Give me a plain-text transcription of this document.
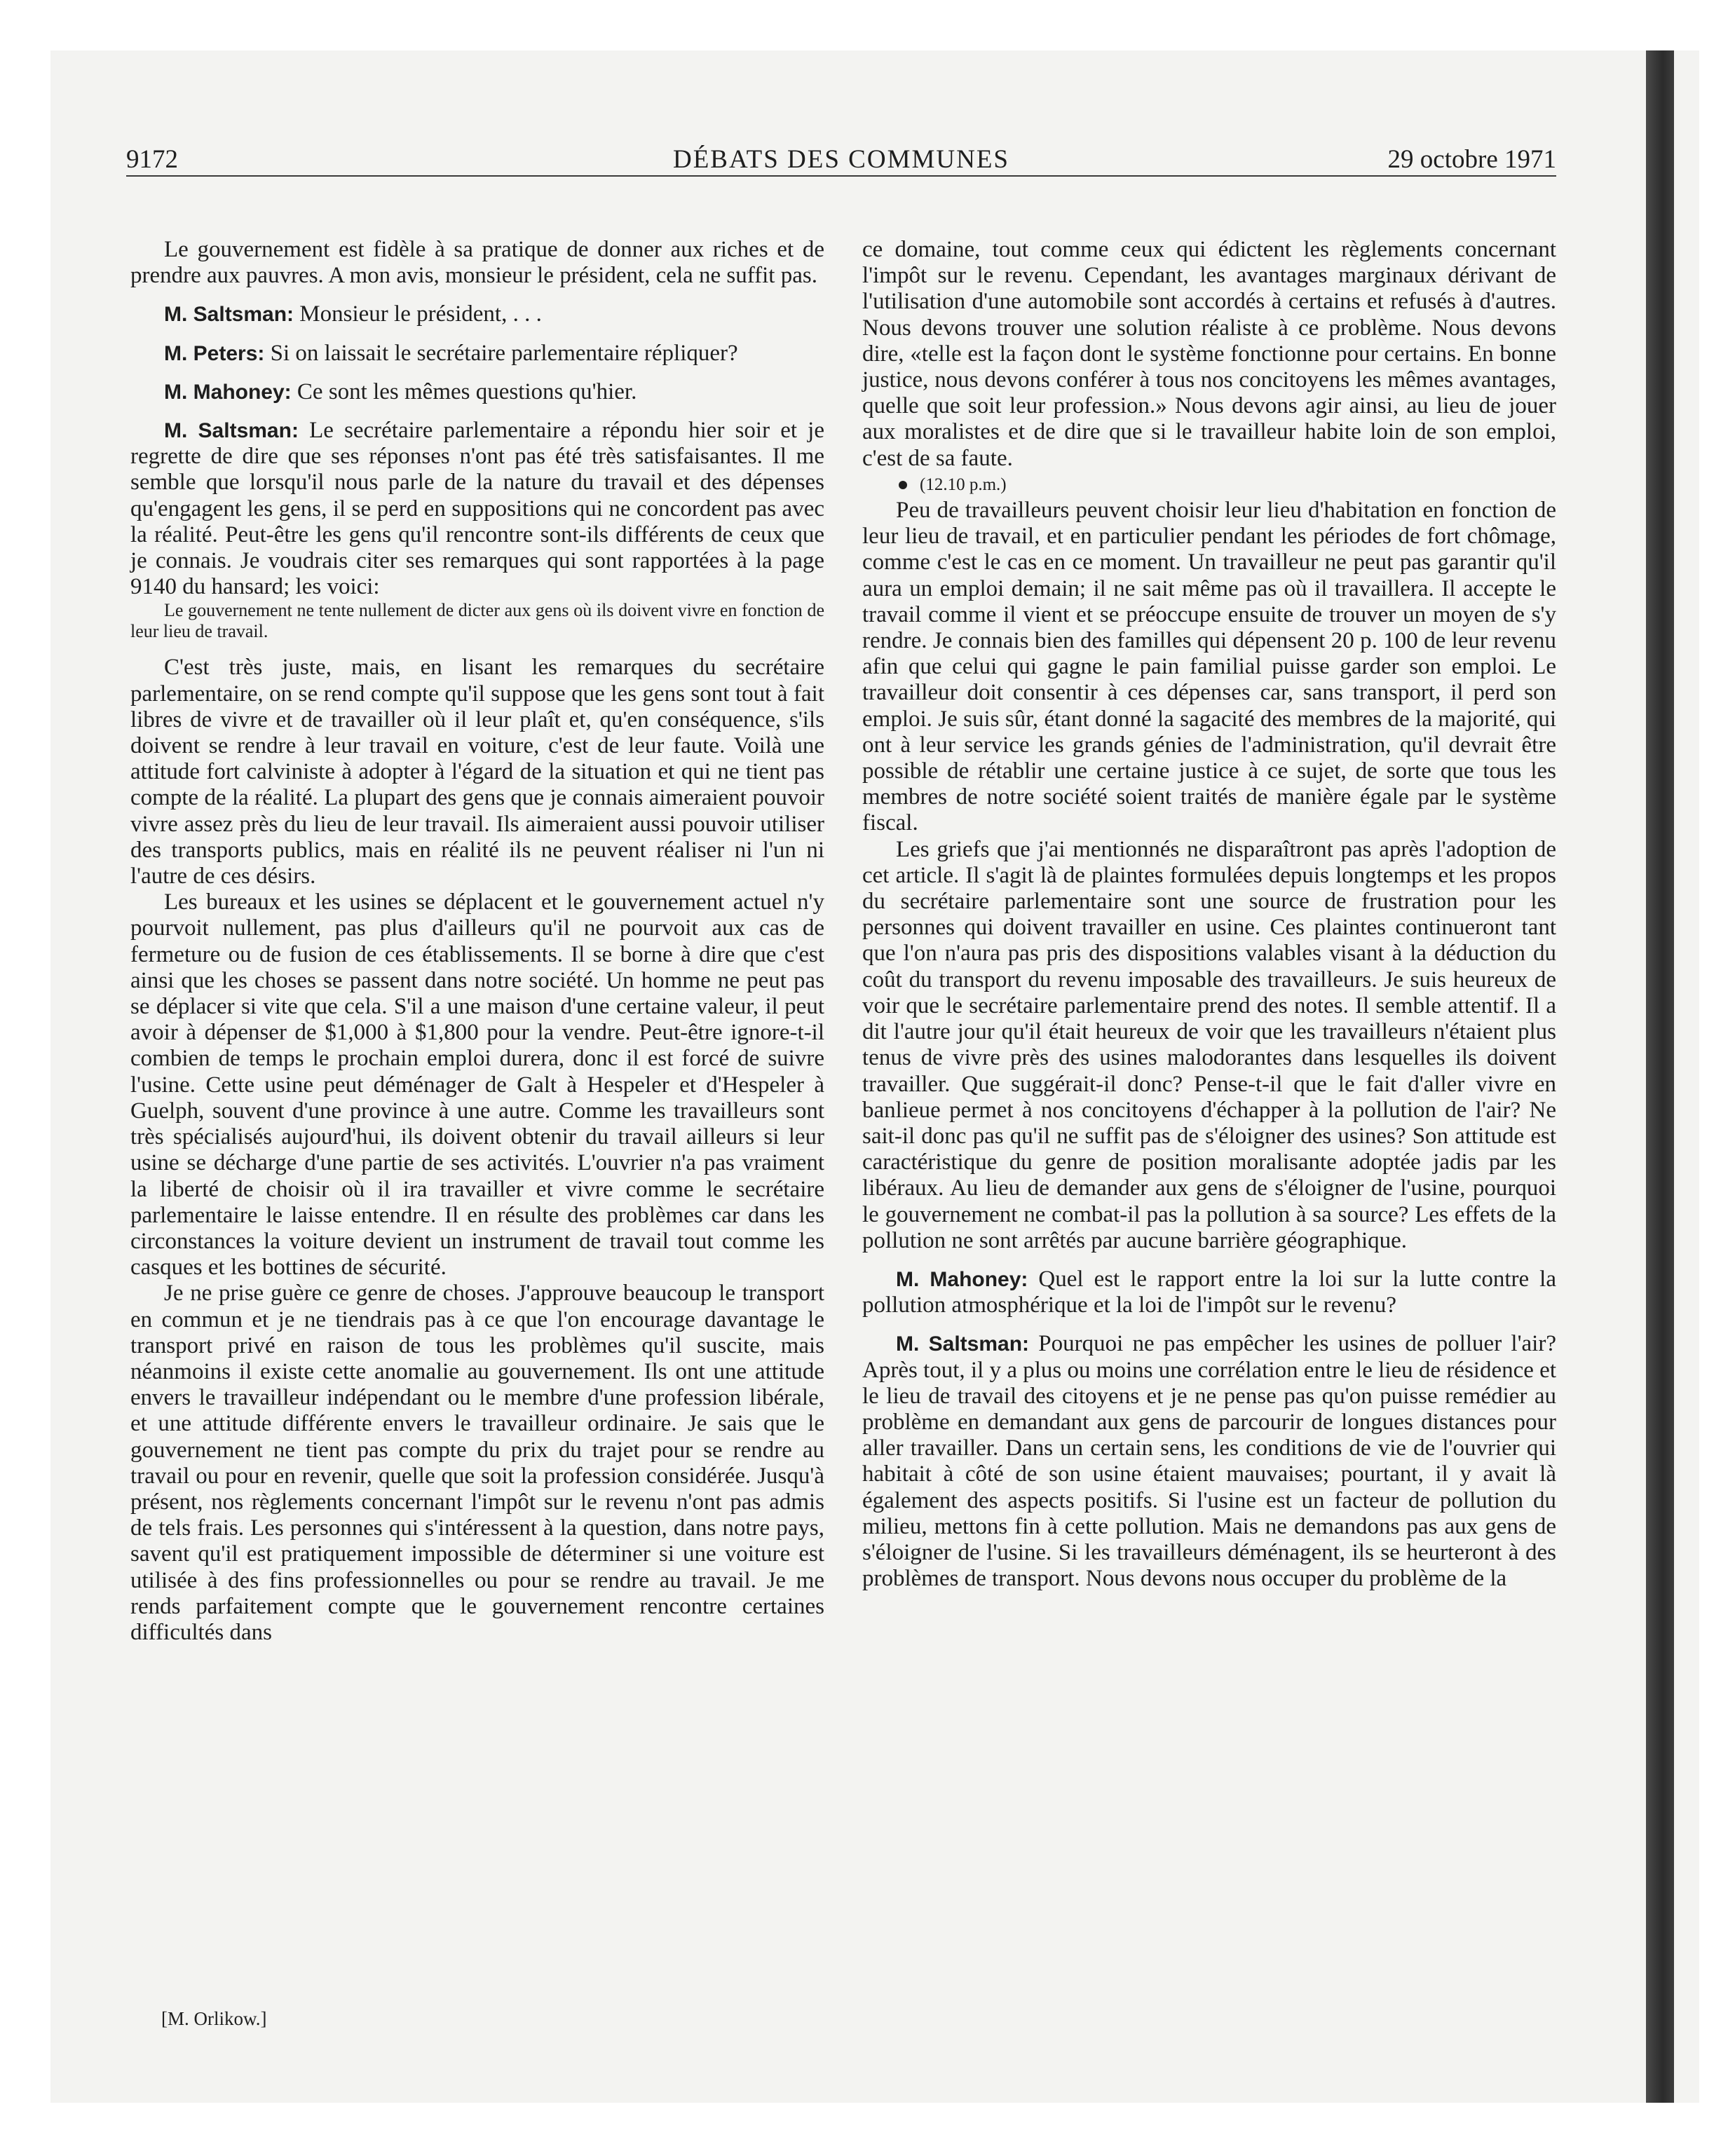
9172	DÉBATS DES COMMUNES	29 octobre 1971

Le gouvernement est fidèle à sa pratique de donner aux riches et de prendre aux pauvres. A mon avis, monsieur le président, cela ne suffit pas.

M. Saltsman: Monsieur le président, . . .

M. Peters: Si on laissait le secrétaire parlementaire répliquer?

M. Mahoney: Ce sont les mêmes questions qu'hier.

M. Saltsman: Le secrétaire parlementaire a répondu hier soir et je regrette de dire que ses réponses n'ont pas été très satisfaisantes. Il me semble que lorsqu'il nous parle de la nature du travail et des dépenses qu'engagent les gens, il se perd en suppositions qui ne concordent pas avec la réalité. Peut-être les gens qu'il rencontre sont-ils différents de ceux que je connais. Je voudrais citer ses remarques qui sont rapportées à la page 9140 du hansard; les voici:

Le gouvernement ne tente nullement de dicter aux gens où ils doivent vivre en fonction de leur lieu de travail.

C'est très juste, mais, en lisant les remarques du secrétaire parlementaire, on se rend compte qu'il suppose que les gens sont tout à fait libres de vivre et de travailler où il leur plaît et, qu'en conséquence, s'ils doivent se rendre à leur travail en voiture, c'est de leur faute. Voilà une attitude fort calviniste à adopter à l'égard de la situation et qui ne tient pas compte de la réalité. La plupart des gens que je connais aimeraient pouvoir vivre assez près du lieu de leur travail. Ils aimeraient aussi pouvoir utiliser des transports publics, mais en réalité ils ne peuvent réaliser ni l'un ni l'autre de ces désirs.

Les bureaux et les usines se déplacent et le gouvernement actuel n'y pourvoit nullement, pas plus d'ailleurs qu'il ne pourvoit aux cas de fermeture ou de fusion de ces établissements. Il se borne à dire que c'est ainsi que les choses se passent dans notre société. Un homme ne peut pas se déplacer si vite que cela. S'il a une maison d'une certaine valeur, il peut avoir à dépenser de $1,000 à $1,800 pour la vendre. Peut-être ignore-t-il combien de temps le prochain emploi durera, donc il est forcé de suivre l'usine. Cette usine peut déménager de Galt à Hespeler et d'Hespeler à Guelph, souvent d'une province à une autre. Comme les travailleurs sont très spécialisés aujourd'hui, ils doivent obtenir du travail ailleurs si leur usine se décharge d'une partie de ses activités. L'ouvrier n'a pas vraiment la liberté de choisir où il ira travailler et vivre comme le secrétaire parlementaire le laisse entendre. Il en résulte des problèmes car dans les circonstances la voiture devient un instrument de travail tout comme les casques et les bottines de sécurité.

Je ne prise guère ce genre de choses. J'approuve beaucoup le transport en commun et je ne tiendrais pas à ce que l'on encourage davantage le transport privé en raison de tous les problèmes qu'il suscite, mais néanmoins il existe cette anomalie au gouvernement. Ils ont une attitude envers le travailleur indépendant ou le membre d'une profession libérale, et une attitude différente envers le travailleur ordinaire. Je sais que le gouvernement ne tient pas compte du prix du trajet pour se rendre au travail ou pour en revenir, quelle que soit la profession considérée. Jusqu'à présent, nos règlements concernant l'impôt sur le revenu n'ont pas admis de tels frais. Les personnes qui s'intéressent à la question, dans notre pays, savent qu'il est pratiquement impossible de déterminer si une voiture est utilisée à des fins professionnelles ou pour se rendre au travail. Je me rends parfaitement compte que le gouvernement rencontre certaines difficultés dans

ce domaine, tout comme ceux qui édictent les règlements concernant l'impôt sur le revenu. Cependant, les avantages marginaux dérivant de l'utilisation d'une automobile sont accordés à certains et refusés à d'autres. Nous devons trouver une solution réaliste à ce problème. Nous devons dire, «telle est la façon dont le système fonctionne pour certains. En bonne justice, nous devons conférer à tous nos concitoyens les mêmes avantages, quelle que soit leur profession.» Nous devons agir ainsi, au lieu de jouer aux moralistes et de dire que si le travailleur habite loin de son emploi, c'est de sa faute.

(12.10 p.m.)

Peu de travailleurs peuvent choisir leur lieu d'habitation en fonction de leur lieu de travail, et en particulier pendant les périodes de fort chômage, comme c'est le cas en ce moment. Un travailleur ne peut pas garantir qu'il aura un emploi demain; il ne sait même pas où il travaillera. Il accepte le travail comme il vient et se préoccupe ensuite de trouver un moyen de s'y rendre. Je connais bien des familles qui dépensent 20 p. 100 de leur revenu afin que celui qui gagne le pain familial puisse garder son emploi. Le travailleur doit consentir à ces dépenses car, sans transport, il perd son emploi. Je suis sûr, étant donné la sagacité des membres de la majorité, qui ont à leur service les grands génies de l'administration, qu'il devrait être possible de rétablir une certaine justice à ce sujet, de sorte que tous les membres de notre société soient traités de manière égale par le système fiscal.

Les griefs que j'ai mentionnés ne disparaîtront pas après l'adoption de cet article. Il s'agit là de plaintes formulées depuis longtemps et les propos du secrétaire parlementaire sont une source de frustration pour les personnes qui doivent travailler en usine. Ces plaintes continueront tant que l'on n'aura pas pris des dispositions valables visant à la déduction du coût du transport du revenu imposable des travailleurs. Je suis heureux de voir que le secrétaire parlementaire prend des notes. Il semble attentif. Il a dit l'autre jour qu'il était heureux de voir que les travailleurs n'étaient plus tenus de vivre près des usines malodorantes dans lesquelles ils doivent travailler. Que suggérait-il donc? Pense-t-il que le fait d'aller vivre en banlieue permet à nos concitoyens d'échapper à la pollution de l'air? Ne sait-il donc pas qu'il ne suffit pas de s'éloigner des usines? Son attitude est caractéristique du genre de position moralisante adoptée jadis par les libéraux. Au lieu de demander aux gens de s'éloigner de l'usine, pourquoi le gouvernement ne combat-il pas la pollution à sa source? Les effets de la pollution ne sont arrêtés par aucune barrière géographique.

M. Mahoney: Quel est le rapport entre la loi sur la lutte contre la pollution atmosphérique et la loi de l'impôt sur le revenu?

M. Saltsman: Pourquoi ne pas empêcher les usines de polluer l'air? Après tout, il y a plus ou moins une corrélation entre le lieu de résidence et le lieu de travail des citoyens et je ne pense pas qu'on puisse remédier au problème en demandant aux gens de parcourir de longues distances pour aller travailler. Dans un certain sens, les conditions de vie de l'ouvrier qui habitait à côté de son usine étaient mauvaises; pourtant, il y avait là également des aspects positifs. Si l'usine est un facteur de pollution du milieu, mettons fin à cette pollution. Mais ne demandons pas aux gens de s'éloigner de l'usine. Si les travailleurs déménagent, ils se heurteront à des problèmes de transport. Nous devons nous occuper du problème de la

[M. Orlikow.]
